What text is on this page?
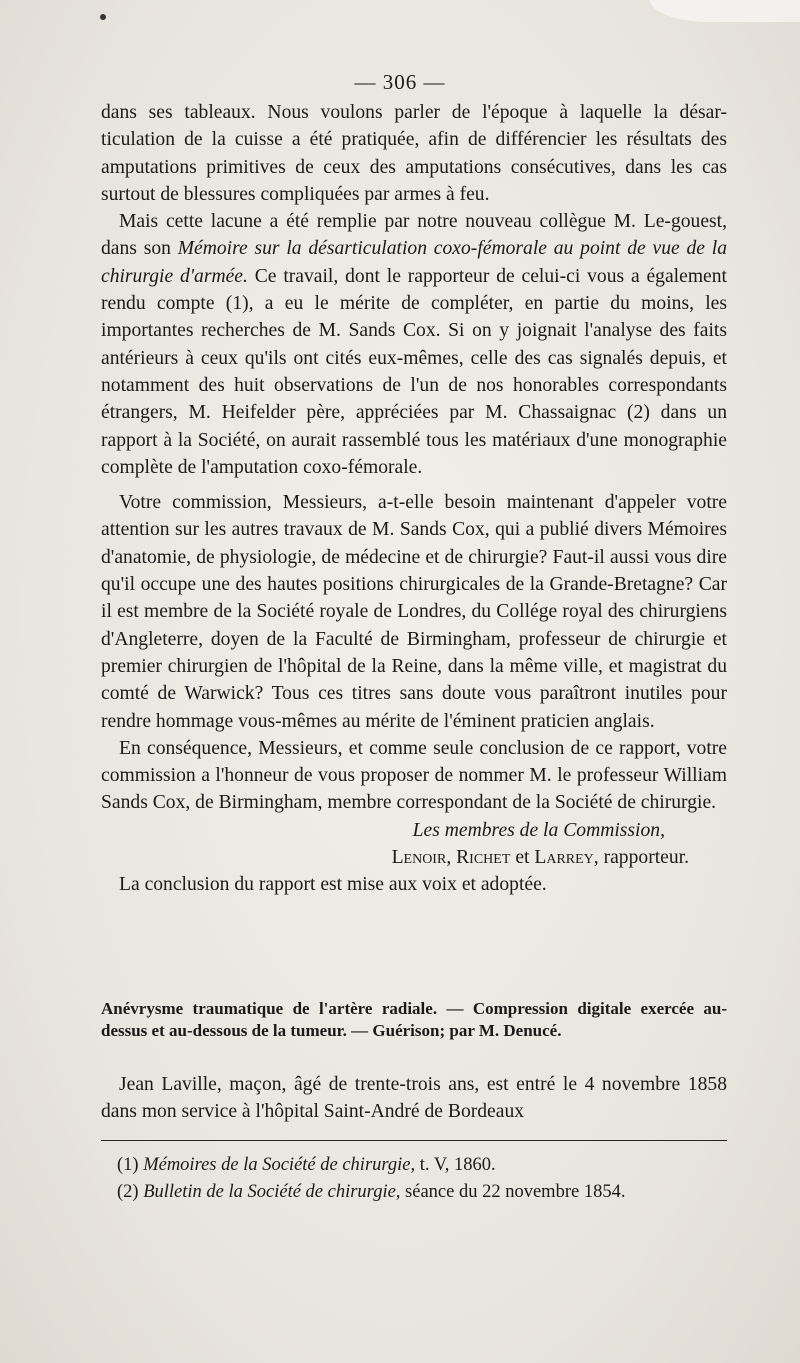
— 306 —

dans ses tableaux. Nous voulons parler de l'époque à laquelle la désar- ticulation de la cuisse a été pratiquée, afin de différencier les résultats des amputations primitives de ceux des amputations consécutives, dans les cas surtout de blessures compliquées par armes à feu.

Mais cette lacune a été remplie par notre nouveau collègue M. Le-gouest, dans son Mémoire sur la désarticulation coxo-fémorale au point de vue de la chirurgie d'armée. Ce travail, dont le rapporteur de celui-ci vous a également rendu compte (1), a eu le mérite de compléter, en partie du moins, les importantes recherches de M. Sands Cox. Si on y joignait l'analyse des faits antérieurs à ceux qu'ils ont cités eux-mêmes, celle des cas signalés depuis, et notamment des huit observations de l'un de nos honorables correspondants étrangers, M. Heifelder père, appréciées par M. Chassaignac (2) dans un rapport à la Société, on aurait rassemblé tous les matériaux d'une monographie complète de l'amputation coxo-fémorale.

Votre commission, Messieurs, a-t-elle besoin maintenant d'appeler votre attention sur les autres travaux de M. Sands Cox, qui a publié divers Mémoires d'anatomie, de physiologie, de médecine et de chirurgie? Faut-il aussi vous dire qu'il occupe une des hautes positions chirurgicales de la Grande-Bretagne? Car il est membre de la Société royale de Londres, du Collége royal des chirurgiens d'Angleterre, doyen de la Faculté de Birmingham, professeur de chirurgie et premier chirurgien de l'hôpital de la Reine, dans la même ville, et magistrat du comté de Warwick? Tous ces titres sans doute vous paraîtront inutiles pour rendre hommage vous-mêmes au mérite de l'éminent praticien anglais.

En conséquence, Messieurs, et comme seule conclusion de ce rapport, votre commission a l'honneur de vous proposer de nommer M. le professeur William Sands Cox, de Birmingham, membre correspondant de la Société de chirurgie.

Les membres de la Commission,
Lenoir, Richet et Larrey, rapporteur.

La conclusion du rapport est mise aux voix et adoptée.

Anévrysme traumatique de l'artère radiale. — Compression digitale exercée au-dessus et au-dessous de la tumeur. — Guérison; par M. Denucé.

Jean Laville, maçon, âgé de trente-trois ans, est entré le 4 novembre 1858 dans mon service à l'hôpital Saint-André de Bordeaux

(1) Mémoires de la Société de chirurgie, t. V, 1860.
(2) Bulletin de la Société de chirurgie, séance du 22 novembre 1854.
